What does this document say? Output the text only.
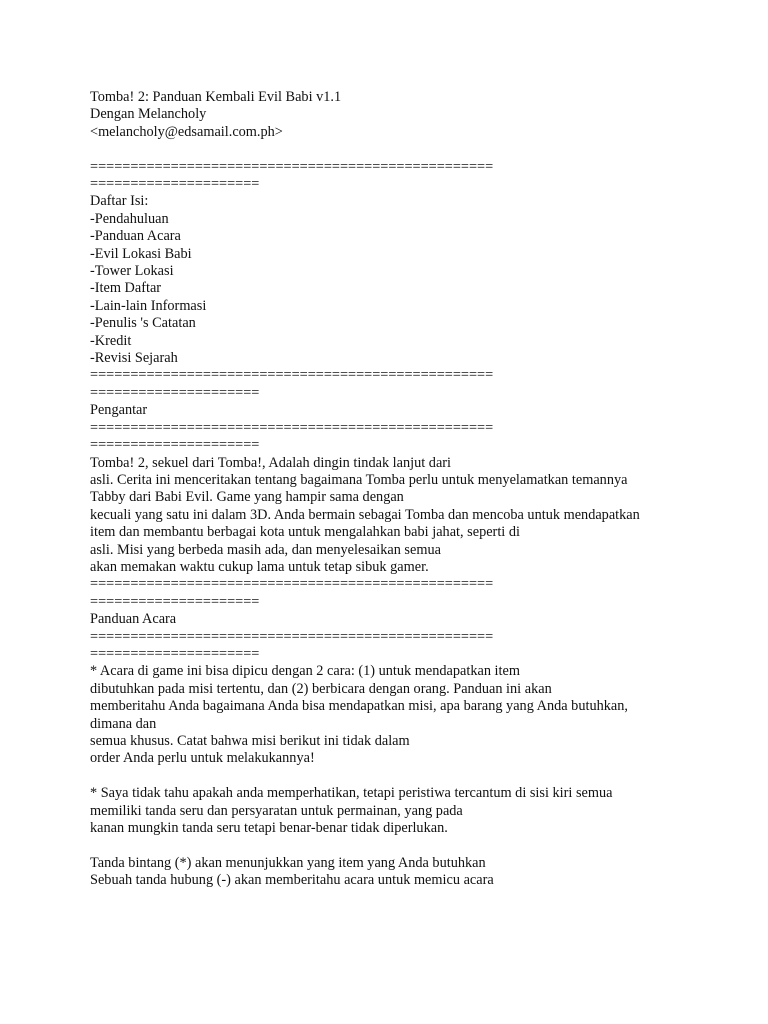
Tomba! 2: Panduan Kembali Evil Babi v1.1
Dengan Melancholy
<melancholy@edsamail.com.ph>
==================================================
=====================
Daftar Isi:
-Pendahuluan
-Panduan Acara
-Evil Lokasi Babi
-Tower Lokasi
-Item Daftar
-Lain-lain Informasi
-Penulis 's Catatan
-Kredit
-Revisi Sejarah
==================================================
=====================
Pengantar
==================================================
=====================
Tomba! 2, sekuel dari Tomba!, Adalah dingin tindak lanjut dari
asli. Cerita ini menceritakan tentang bagaimana Tomba perlu untuk menyelamatkan temannya
Tabby dari Babi Evil. Game yang hampir sama dengan
kecuali yang satu ini dalam 3D. Anda bermain sebagai Tomba dan mencoba untuk mendapatkan
item dan membantu berbagai kota untuk mengalahkan babi jahat, seperti di
asli. Misi yang berbeda masih ada, dan menyelesaikan semua
akan memakan waktu cukup lama untuk tetap sibuk gamer.
==================================================
=====================
Panduan Acara
==================================================
=====================
* Acara di game ini bisa dipicu dengan 2 cara: (1) untuk mendapatkan item
dibutuhkan pada misi tertentu, dan (2) berbicara dengan orang. Panduan ini akan
memberitahu Anda bagaimana Anda bisa mendapatkan misi, apa barang yang Anda butuhkan,
dimana dan
semua khusus. Catat bahwa misi berikut ini tidak dalam
order Anda perlu untuk melakukannya!
* Saya tidak tahu apakah anda memperhatikan, tetapi peristiwa tercantum di sisi kiri semua
memiliki tanda seru dan persyaratan untuk permainan, yang pada
kanan mungkin tanda seru tetapi benar-benar tidak diperlukan.
Tanda bintang (*) akan menunjukkan yang item yang Anda butuhkan
Sebuah tanda hubung (-) akan memberitahu acara untuk memicu acara
